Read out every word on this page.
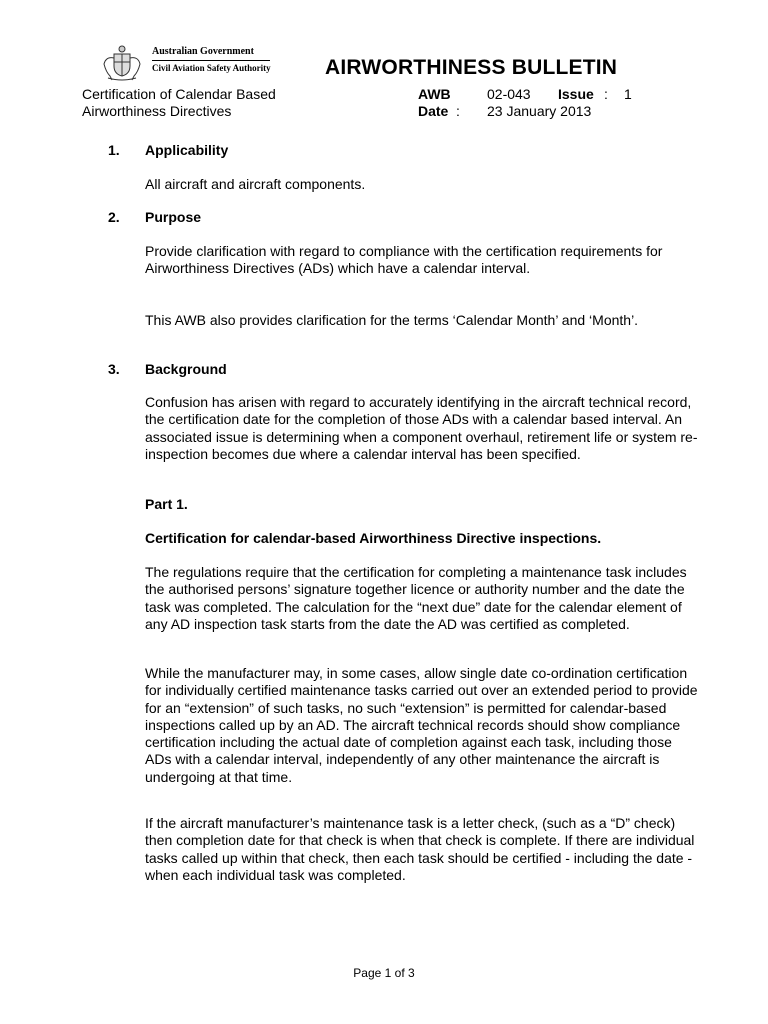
Australian Government
Civil Aviation Safety Authority	AIRWORTHINESS BULLETIN
Certification of Calendar Based
Airworthiness Directives
AWB	02-043 Issue : 1
Date : 23 January 2013
1. Applicability
All aircraft and aircraft components.
2. Purpose
Provide clarification with regard to compliance with the certification requirements for Airworthiness Directives (ADs) which have a calendar interval.
This AWB also provides clarification for the terms ‘Calendar Month’ and ‘Month’.
3. Background
Confusion has arisen with regard to accurately identifying in the aircraft technical record, the certification date for the completion of those ADs with a calendar based interval. An associated issue is determining when a component overhaul, retirement life or system re-inspection becomes due where a calendar interval has been specified.
Part 1.
Certification for calendar-based Airworthiness Directive inspections.
The regulations require that the certification for completing a maintenance task includes the authorised persons’ signature together licence or authority number and the date the task was completed. The calculation for the “next due” date for the calendar element of any AD inspection task starts from the date the AD was certified as completed.
While the manufacturer may, in some cases, allow single date co-ordination certification for individually certified maintenance tasks carried out over an extended period to provide for an “extension” of such tasks, no such “extension” is permitted for calendar-based inspections called up by an AD. The aircraft technical records should show compliance certification including the actual date of completion against each task, including those ADs with a calendar interval, independently of any other maintenance the aircraft is undergoing at that time.
If the aircraft manufacturer’s maintenance task is a letter check, (such as a “D” check) then completion date for that check is when that check is complete. If there are individual tasks called up within that check, then each task should be certified - including the date - when each individual task was completed.
Page 1 of 3
